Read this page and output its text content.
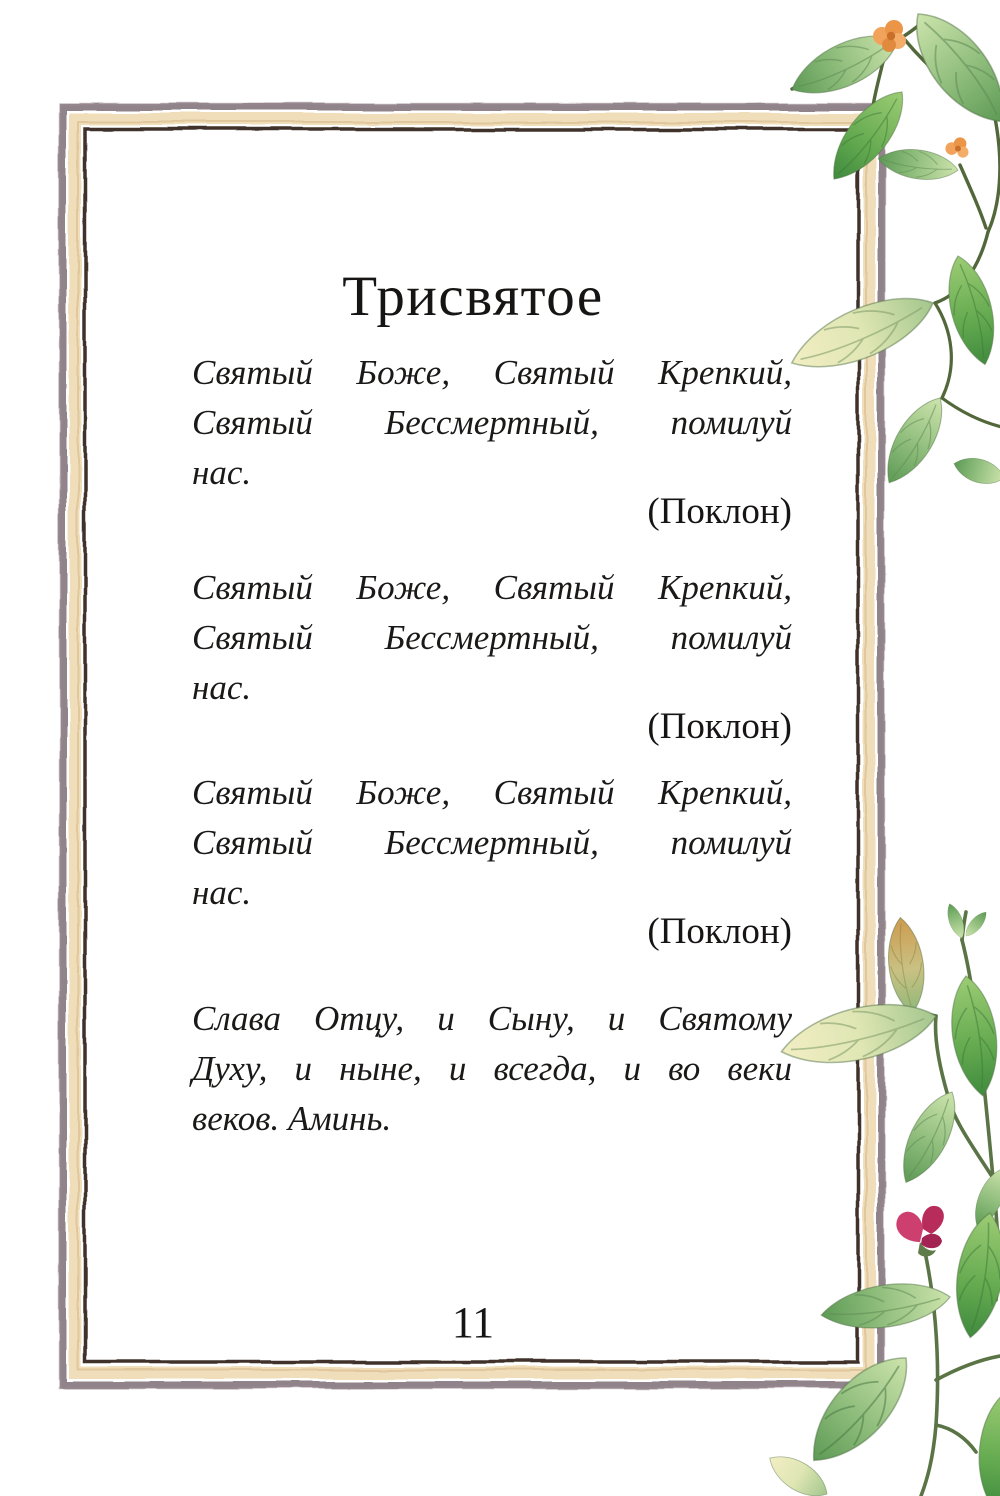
Трисвятое
Святый Боже, Святый Крепкий,
Святый Бессмертный, помилуй
нас.
(Поклон)
Святый Боже, Святый Крепкий,
Святый Бессмертный, помилуй
нас.
(Поклон)
Святый Боже, Святый Крепкий,
Святый Бессмертный, помилуй
нас.
(Поклон)
Слава Отцу, и Сыну, и Святому
Духу, и ныне, и всегда, и во веки
веков. Аминь.
11
